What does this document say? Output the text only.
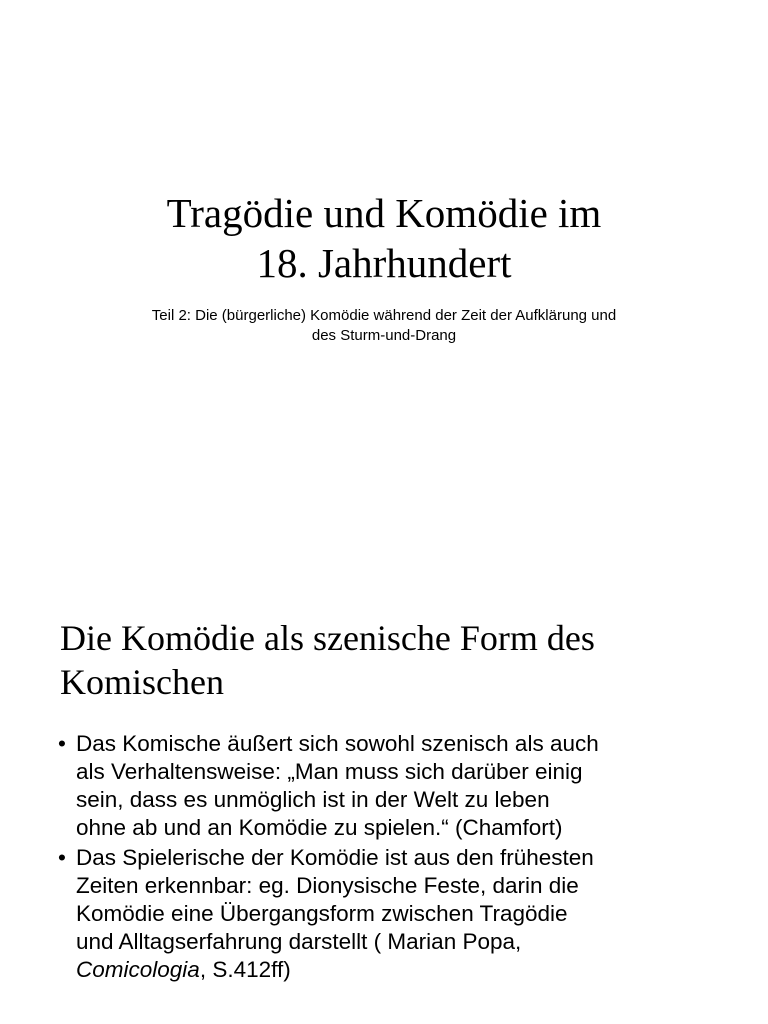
Tragödie und Komödie im
18. Jahrhundert

Teil 2: Die (bürgerliche) Komödie während der Zeit der Aufklärung und
des Sturm-und-Drang

Die Komödie als szenische Form des
Komischen
• Das Komische äußert sich sowohl szenisch als auch
als Verhaltensweise: „Man muss sich darüber einig
sein, dass es unmöglich ist in der Welt zu leben
ohne ab und an Komödie zu spielen.“ (Chamfort)
• Das Spielerische der Komödie ist aus den frühesten
Zeiten erkennbar: eg. Dionysische Feste, darin die
Komödie eine Übergangsform zwischen Tragödie
und Alltagserfahrung darstellt ( Marian Popa,
Comicologia, S.412ff)
